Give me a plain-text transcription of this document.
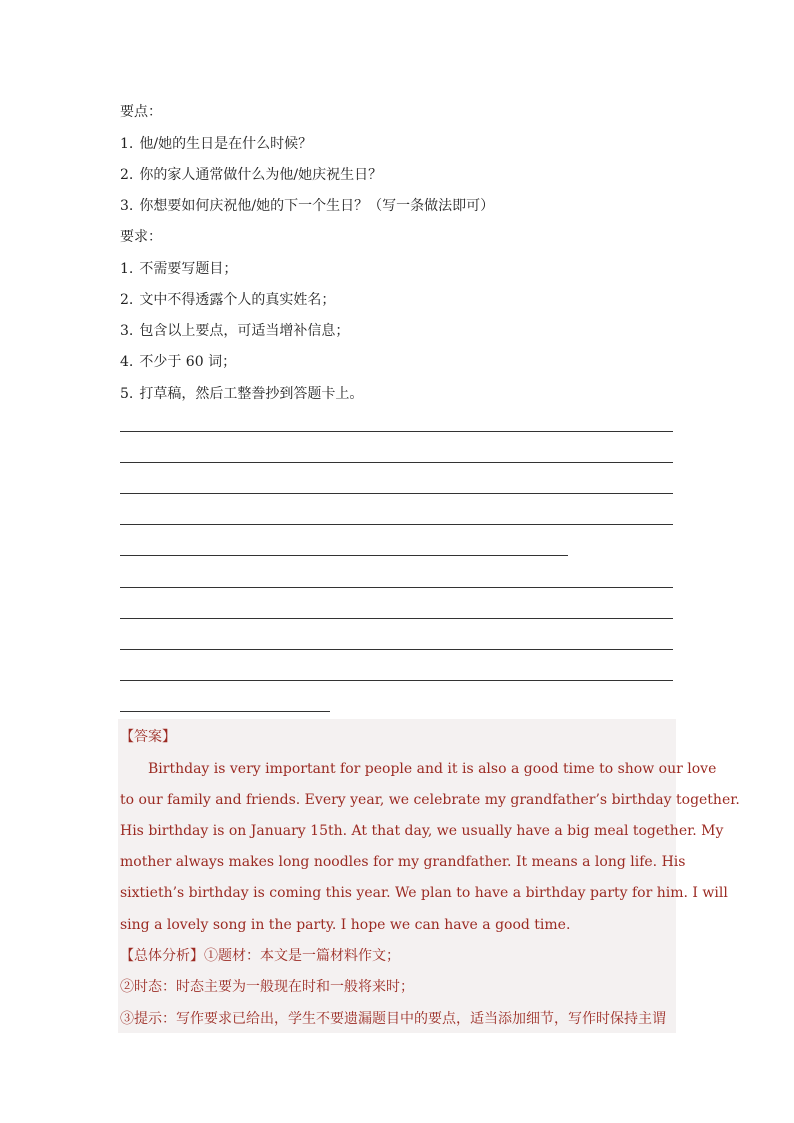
要点：
1. 他/她的生日是在什么时候？
2. 你的家人通常做什么为他/她庆祝生日？
3. 你想要如何庆祝他/她的下一个生日？（写一条做法即可）
要求：
1. 不需要写题目；
2. 文中不得透露个人的真实姓名；
3. 包含以上要点，可适当增补信息；
4. 不少于 60 词；
5. 打草稿，然后工整誊抄到答题卡上。
【答案】
Birthday is very important for people and it is also a good time to show our love
to our family and friends. Every year, we celebrate my grandfather’s birthday together.
His birthday is on January 15th. At that day, we usually have a big meal together. My
mother always makes long noodles for my grandfather. It means a long life. His
sixtieth’s birthday is coming this year. We plan to have a birthday party for him. I will
sing a lovely song in the party. I hope we can have a good time.
【总体分析】①题材：本文是一篇材料作文；
②时态：时态主要为一般现在时和一般将来时；
③提示：写作要求已给出，学生不要遗漏题目中的要点，适当添加细节，写作时保持主谓
